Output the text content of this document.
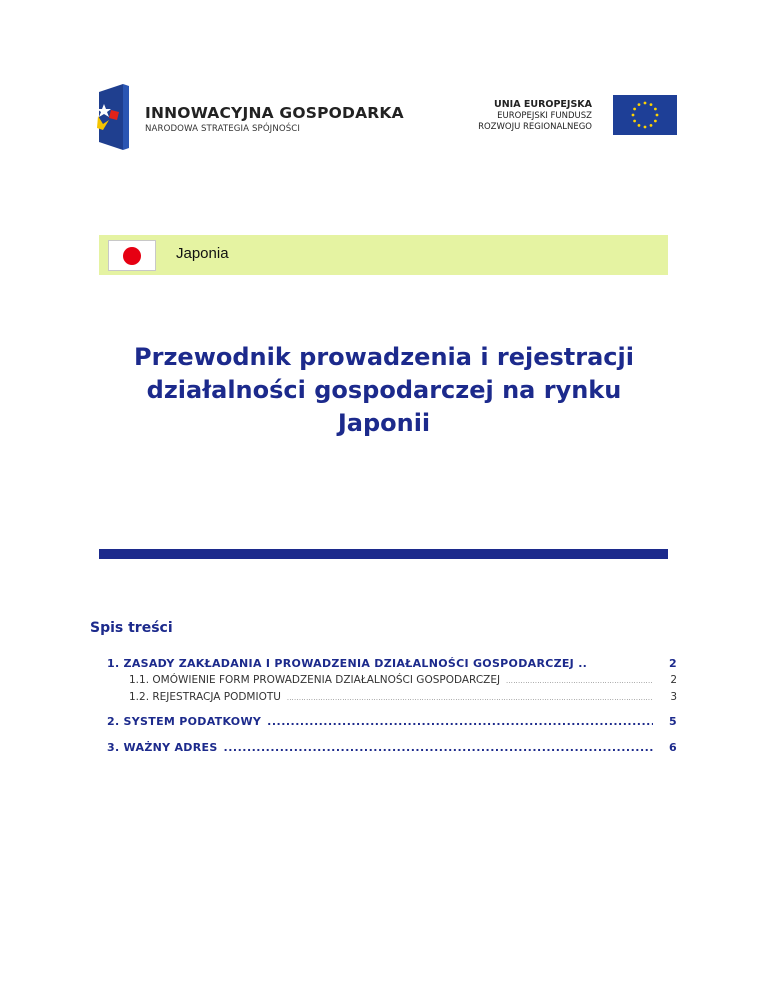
INNOWACYJNA GOSPODARKA
NARODOWA STRATEGIA SPÓJNOŚCI
UNIA EUROPEJSKA
EUROPEJSKI FUNDUSZ
ROZWOJU REGIONALNEGO
Japonia
Przewodnik prowadzenia i rejestracji
działalności gospodarczej na rynku
Japonii
Spis treści
1. ZASADY ZAKŁADANIA I PROWADZENIA DZIAŁALNOŚCI GOSPODARCZEJ ..	2
1.1. OMÓWIENIE FORM PROWADZENIA DZIAŁALNOŚCI GOSPODARCZEJ .....	2
1.2. REJESTRACJA PODMIOTU .....	3
2. SYSTEM PODATKOWY .....	5
3. WAŻNY ADRES .....	6
